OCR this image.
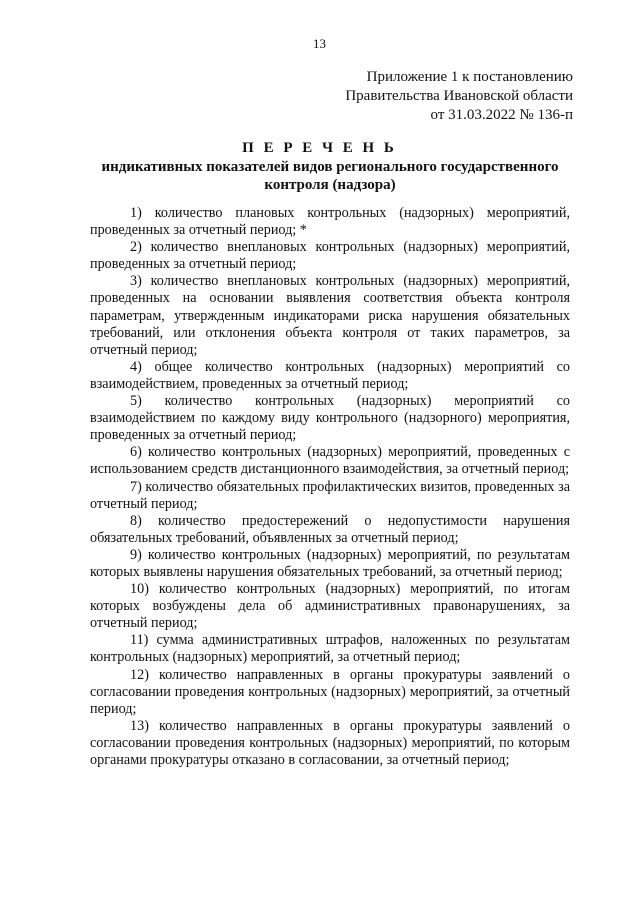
13
Приложение 1 к постановлению
Правительства Ивановской области
от 31.03.2022 № 136-п
П Е Р Е Ч Е Н Ь
индикативных показателей видов регионального государственного контроля (надзора)

1) количество плановых контрольных (надзорных) мероприятий, проведенных за отчетный период; *

2) количество внеплановых контрольных (надзорных) мероприятий, проведенных за отчетный период;

3) количество внеплановых контрольных (надзорных) мероприятий, проведенных на основании выявления соответствия объекта контроля параметрам, утвержденным индикаторами риска нарушения обязательных требований, или отклонения объекта контроля от таких параметров, за отчетный период;

4) общее количество контрольных (надзорных) мероприятий со взаимодействием, проведенных за отчетный период;

5) количество контрольных (надзорных) мероприятий со взаимодействием по каждому виду контрольного (надзорного) мероприятия, проведенных за отчетный период;

6) количество контрольных (надзорных) мероприятий, проведенных с использованием средств дистанционного взаимодействия, за отчетный период;

7) количество обязательных профилактических визитов, проведенных за отчетный период;

8) количество предостережений о недопустимости нарушения обязательных требований, объявленных за отчетный период;

9) количество контрольных (надзорных) мероприятий, по результатам которых выявлены нарушения обязательных требований, за отчетный период;

10) количество контрольных (надзорных) мероприятий, по итогам которых возбуждены дела об административных правонарушениях, за отчетный период;

11) сумма административных штрафов, наложенных по результатам контрольных (надзорных) мероприятий, за отчетный период;

12) количество направленных в органы прокуратуры заявлений о согласовании проведения контрольных (надзорных) мероприятий, за отчетный период;

13) количество направленных в органы прокуратуры заявлений о согласовании проведения контрольных (надзорных) мероприятий, по которым органами прокуратуры отказано в согласовании, за отчетный период;
